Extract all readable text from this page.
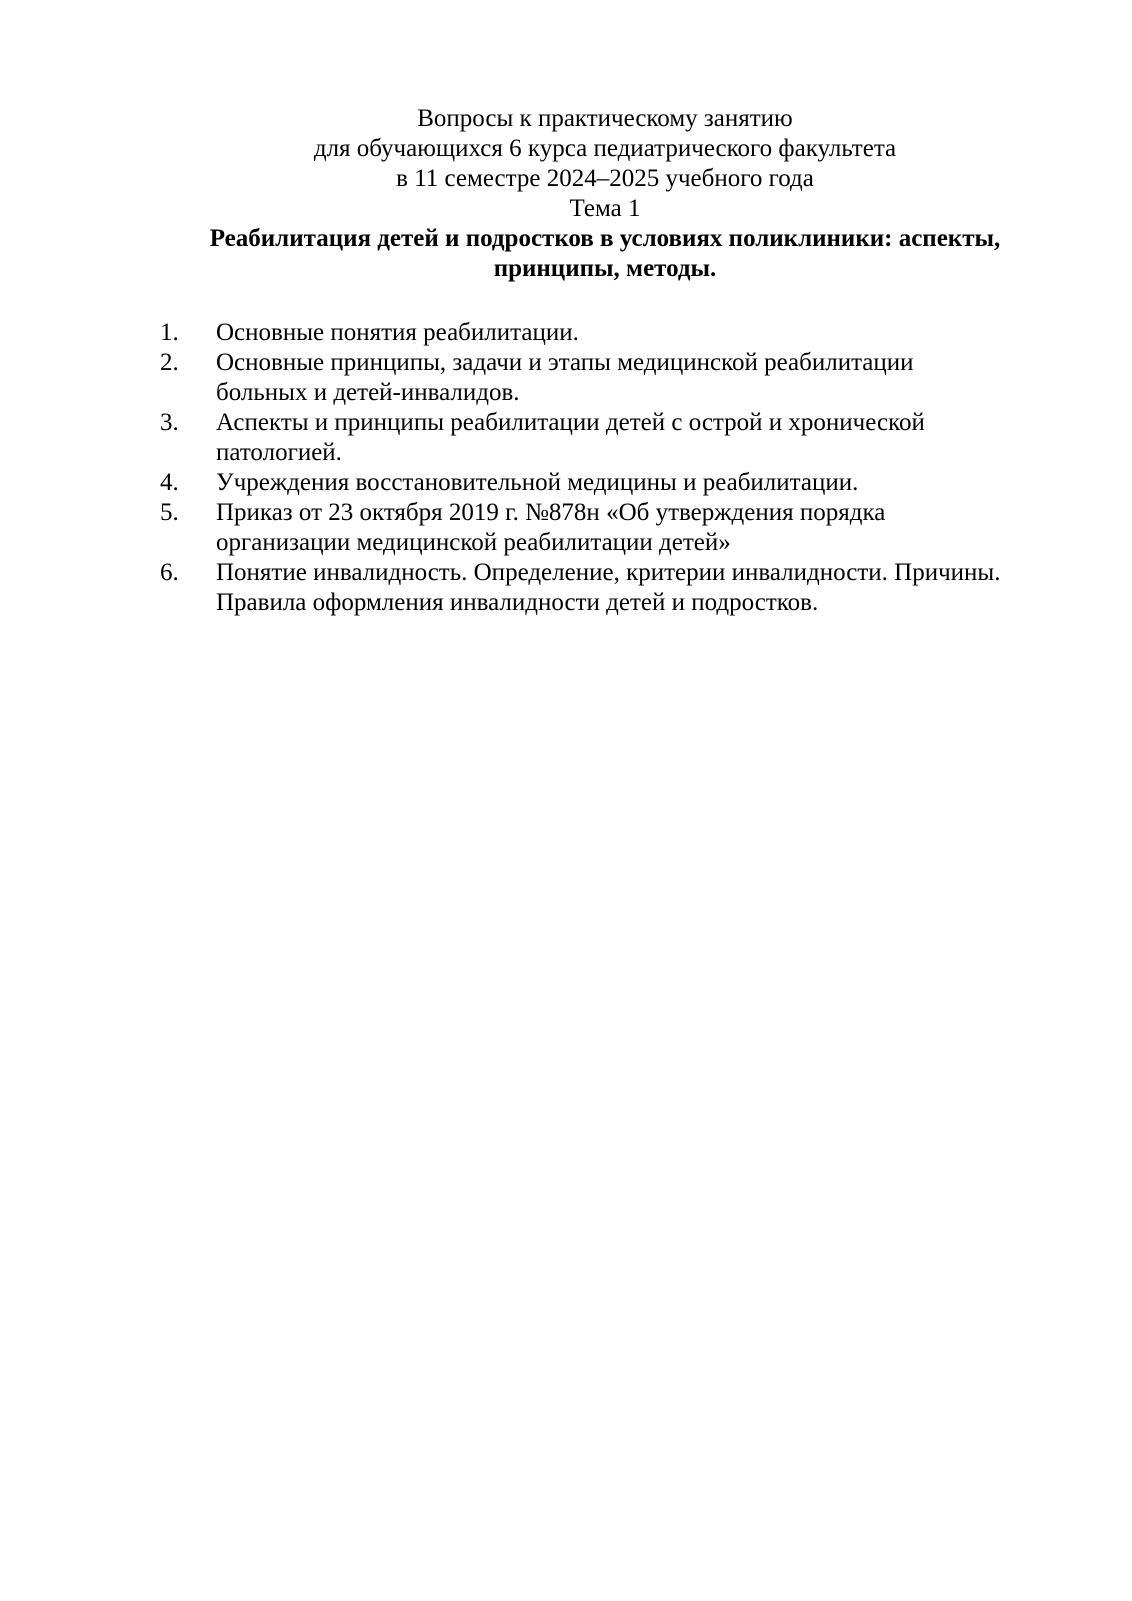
Вопросы к практическому занятию
для обучающихся 6 курса педиатрического факультета
в 11 семестре 2024–2025 учебного года
Тема 1
Реабилитация детей и подростков в условиях поликлиники: аспекты, принципы, методы.
1. Основные понятия реабилитации.
2. Основные принципы, задачи и этапы медицинской реабилитации больных и детей-инвалидов.
3. Аспекты и принципы реабилитации детей с острой и хронической патологией.
4. Учреждения восстановительной медицины и реабилитации.
5. Приказ от 23 октября 2019 г. №878н «Об утверждения порядка организации медицинской реабилитации детей»
6. Понятие инвалидность. Определение, критерии инвалидности. Причины. Правила оформления инвалидности детей и подростков.
